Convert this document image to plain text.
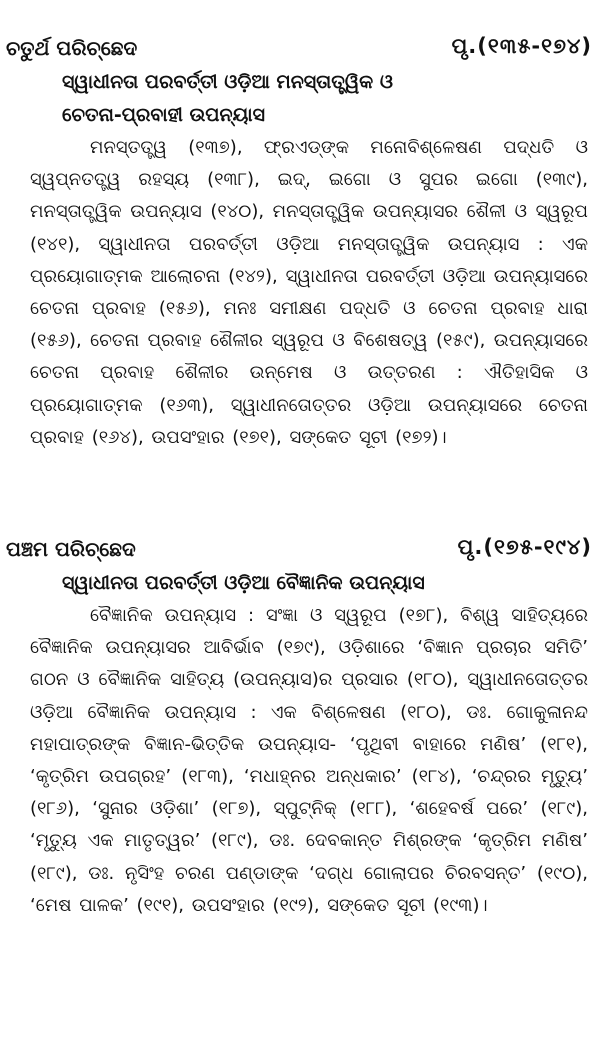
ଚତୁର୍ଥ ପରିଚ୍ଛେଦ	ପୃ.(୧୩୫-୧୭୪)
ସ୍ୱାଧୀନତା ପରବର୍ତ୍ତୀ ଓଡ଼ିଆ ମନସ୍ତାତ୍ତ୍ୱିକ ଓ
ଚେତନା-ପ୍ରବାହୀ ଉପନ୍ୟାସ
ମନସ୍ତତ୍ତ୍ୱ (୧୩୭), ଫ୍ରଏଡ୍‌ଙ୍କ ମନୋବିଶ୍ଳେଷଣ ପଦ୍ଧତି ଓ ସ୍ୱପ୍ନତତ୍ତ୍ୱ ରହସ୍ୟ (୧୩୮), ଇଦ୍, ଇଗୋ ଓ ସୁପର ଇଗୋ (୧୩୯), ମନସ୍ତାତ୍ତ୍ୱିକ ଉପନ୍ୟାସ (୧୪୦), ମନସ୍ତାତ୍ତ୍ୱିକ ଉପନ୍ୟାସର ଶୈଳୀ ଓ ସ୍ୱରୂପ (୧୪୧), ସ୍ୱାଧୀନତା ପରବର୍ତ୍ତୀ ଓଡ଼ିଆ ମନସ୍ତାତ୍ତ୍ୱିକ ଉପନ୍ୟାସ : ଏକ ପ୍ରୟୋଗାତ୍ମକ ଆଲୋଚନା (୧୪୨), ସ୍ୱାଧୀନତା ପରବର୍ତ୍ତୀ ଓଡ଼ିଆ ଉପନ୍ୟାସରେ ଚେତନା ପ୍ରବାହ (୧୫୬), ମନଃ ସମୀକ୍ଷଣ ପଦ୍ଧତି ଓ ଚେତନା ପ୍ରବାହ ଧାରା (୧୫୬), ଚେତନା ପ୍ରବାହ ଶୈଳୀର ସ୍ୱରୂପ ଓ ବିଶେଷତ୍ୱ (୧୫୯), ଉପନ୍ୟାସରେ ଚେତନା ପ୍ରବାହ ଶୈଳୀର ଉନ୍ମେଷ ଓ ଉତ୍ତରଣ : ଐତିହାସିକ ଓ ପ୍ରୟୋଗାତ୍ମକ (୧୬୩), ସ୍ୱାଧୀନତୋତ୍ତର ଓଡ଼ିଆ ଉପନ୍ୟାସରେ ଚେତନା ପ୍ରବାହ (୧୬୪), ଉପସଂହାର (୧୭୧), ସଙ୍କେତ ସୂଚୀ (୧୭୨)।
ପଞ୍ଚମ ପରିଚ୍ଛେଦ	ପୃ.(୧୭୫-୧୯୪)
ସ୍ୱାଧୀନତା ପରବର୍ତ୍ତୀ ଓଡ଼ିଆ ବୈଜ୍ଞାନିକ ଉପନ୍ୟାସ
ବୈଜ୍ଞାନିକ ଉପନ୍ୟାସ : ସଂଜ୍ଞା ଓ ସ୍ୱରୂପ (୧୭୮), ବିଶ୍ୱ ସାହିତ୍ୟରେ ବୈଜ୍ଞାନିକ ଉପନ୍ୟାସର ଆବିର୍ଭାବ (୧୭୯), ଓଡ଼ିଶାରେ ‘ବିଜ୍ଞାନ ପ୍ରଚାର ସମିତି’ ଗଠନ ଓ ବୈଜ୍ଞାନିକ ସାହିତ୍ୟ (ଉପନ୍ୟାସ)ର ପ୍ରସାର (୧୮୦), ସ୍ୱାଧୀନତୋତ୍ତର ଓଡ଼ିଆ ବୈଜ୍ଞାନିକ ଉପନ୍ୟାସ : ଏକ ବିଶ୍ଳେଷଣ (୧୮୦), ଡଃ. ଗୋକୁଳାନନ୍ଦ ମହାପାତ୍ରଙ୍କ ବିଜ୍ଞାନ-ଭିତ୍ତିକ ଉପନ୍ୟାସ- ‘ପୃଥିବୀ ବାହାରେ ମଣିଷ’ (୧୮୧), ‘କୃତ୍ରିମ ଉପଗ୍ରହ’ (୧୮୩), ‘ମଧାହ୍ନର ଅନ୍ଧକାର’ (୧୮୪), ‘ଚନ୍ଦ୍ରର ମୃତ୍ୟୁ’ (୧୮୬), ‘ସୁନାର ଓଡ଼ିଶା’ (୧୮୭), ସ୍ପୁଟ୍‌ନିକ୍ (୧୮୮), ‘ଶହେବର୍ଷ ପରେ’ (୧୮୯), ‘ମୃତ୍ୟୁ ଏକ ମାତୃତ୍ୱର’ (୧୮୯), ଡଃ. ଦେବକାନ୍ତ ମିଶ୍ରଙ୍କ ‘କୃତ୍ରିମ ମଣିଷ’ (୧୮୯), ଡଃ. ନୃସିଂହ ଚରଣ ପଣ୍ଡାଙ୍କ ‘ଦଗ୍‌ଧ ଗୋଲାପର ଚିରବସନ୍ତ’ (୧୯୦), ‘ମେଷ ପାଳକ’ (୧୯୧), ଉପସଂହାର (୧୯୨), ସଙ୍କେତ ସୂଚୀ (୧୯୩)।
